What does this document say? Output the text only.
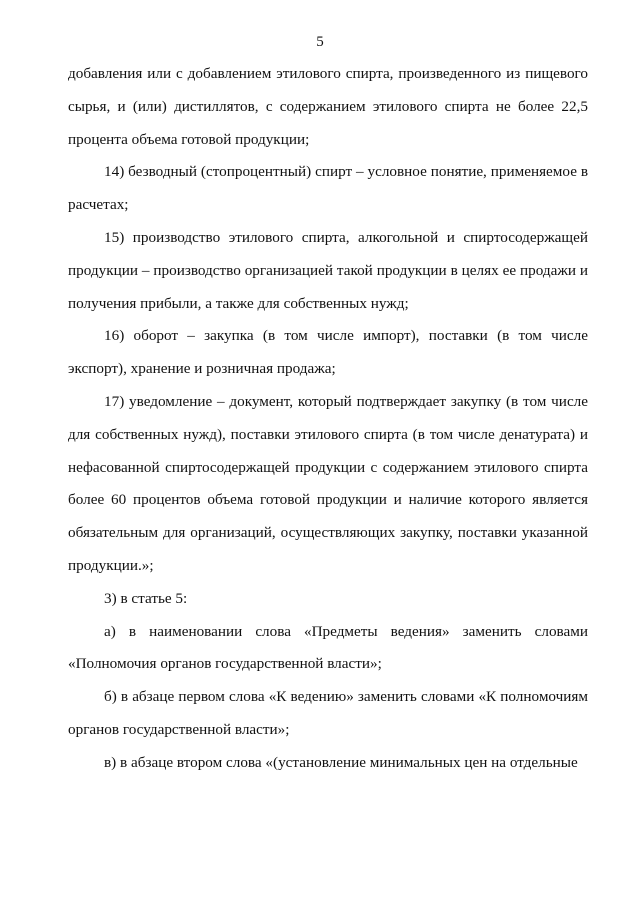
5

добавления или с добавлением этилового спирта, произведенного из пищевого сырья, и (или) дистиллятов, с содержанием этилового спирта не более 22,5 процента объема готовой продукции;

14) безводный (стопроцентный) спирт – условное понятие, применяемое в расчетах;

15) производство этилового спирта, алкогольной и спиртосодержащей продукции – производство организацией такой продукции в целях ее продажи и получения прибыли, а также для собственных нужд;

16) оборот – закупка (в том числе импорт), поставки (в том числе экспорт), хранение и розничная продажа;

17) уведомление – документ, который подтверждает закупку (в том числе для собственных нужд), поставки этилового спирта (в том числе денатурата) и нефасованной спиртосодержащей продукции с содержанием этилового спирта более 60 процентов объема готовой продукции и наличие которого является обязательным для организаций, осуществляющих закупку, поставки указанной продукции.»;

3) в статье 5:

а) в наименовании слова «Предметы ведения» заменить словами «Полномочия органов государственной власти»;

б) в абзаце первом слова «К ведению» заменить словами «К полномочиям органов государственной власти»;

в) в абзаце втором слова «(установление минимальных цен на отдельные
